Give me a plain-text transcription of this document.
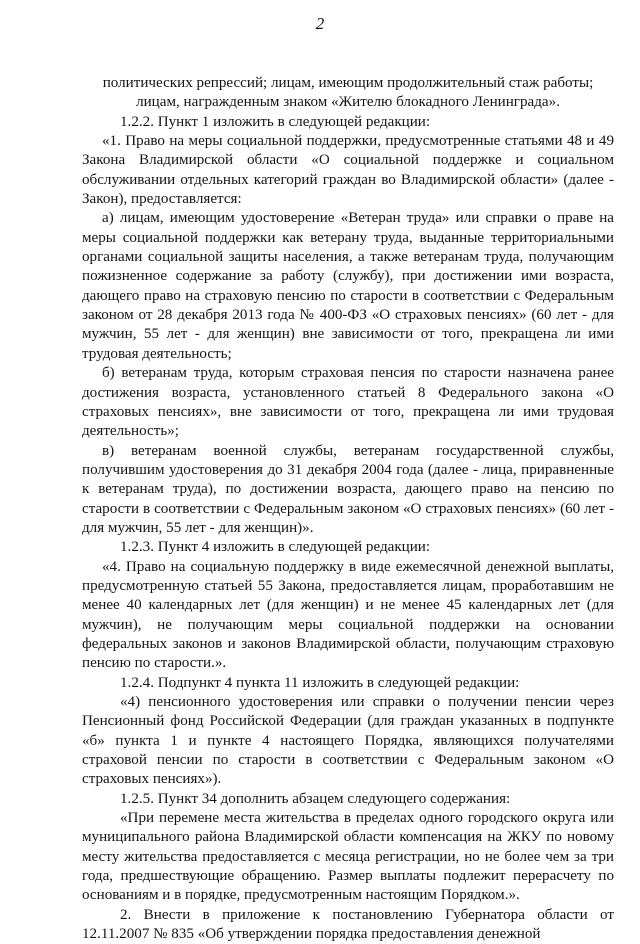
2

политических репрессий; лицам, имеющим продолжительный стаж работы; лицам, награжденным знаком «Жителю блокадного Ленинграда».

1.2.2. Пункт 1 изложить в следующей редакции:

«1. Право на меры социальной поддержки, предусмотренные статьями 48 и 49 Закона Владимирской области «О социальной поддержке и социальном обслуживании отдельных категорий граждан во Владимирской области» (далее - Закон), предоставляется:

а) лицам, имеющим удостоверение «Ветеран труда» или справки о праве на меры социальной поддержки как ветерану труда, выданные территориальными органами социальной защиты населения, а также ветеранам труда, получающим пожизненное содержание за работу (службу), при достижении ими возраста, дающего право на страховую пенсию по старости в соответствии с Федеральным законом от 28 декабря 2013 года № 400-ФЗ «О страховых пенсиях» (60 лет - для мужчин, 55 лет - для женщин) вне зависимости от того, прекращена ли ими трудовая деятельность;

б) ветеранам труда, которым страховая пенсия по старости назначена ранее достижения возраста, установленного статьей 8 Федерального закона «О страховых пенсиях», вне зависимости от того, прекращена ли ими трудовая деятельность»;

в) ветеранам военной службы, ветеранам государственной службы, получившим удостоверения до 31 декабря 2004 года (далее - лица, приравненные к ветеранам труда), по достижении возраста, дающего право на пенсию по старости в соответствии с Федеральным законом «О страховых пенсиях» (60 лет - для мужчин, 55 лет - для женщин)».

1.2.3. Пункт 4 изложить в следующей редакции:

«4. Право на социальную поддержку в виде ежемесячной денежной выплаты, предусмотренную статьей 55 Закона, предоставляется лицам, проработавшим не менее 40 календарных лет (для женщин) и не менее 45 календарных лет (для мужчин), не получающим меры социальной поддержки на основании федеральных законов и законов Владимирской области, получающим страховую пенсию по старости.».

1.2.4. Подпункт 4 пункта 11 изложить в следующей редакции:

«4) пенсионного удостоверения или справки о получении пенсии через Пенсионный фонд Российской Федерации (для граждан указанных в подпункте «б» пункта 1 и пункте 4 настоящего Порядка, являющихся получателями страховой пенсии по старости в соответствии с Федеральным законом «О страховых пенсиях»).

1.2.5. Пункт 34 дополнить абзацем следующего содержания:

«При перемене места жительства в пределах одного городского округа или муниципального района Владимирской области компенсация на ЖКУ по новому месту жительства предоставляется с месяца регистрации, но не более чем за три года, предшествующие обращению. Размер выплаты подлежит перерасчету по основаниям и в порядке, предусмотренным настоящим Порядком.».

2. Внести в приложение к постановлению Губернатора области от 12.11.2007 № 835 «Об утверждении порядка предоставления денежной
